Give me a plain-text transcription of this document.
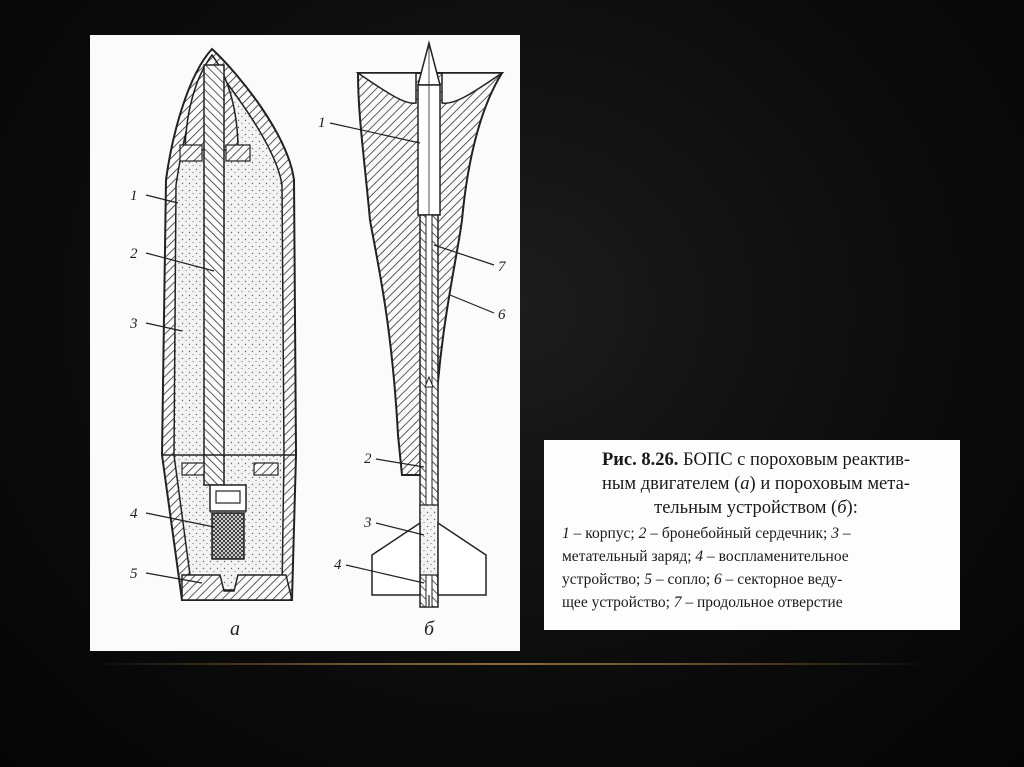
1
2
3
4
5
1
2
3
4
7
6
а	б
Рис. 8.26. БОПС с пороховым реактив-
ным двигателем (а) и пороховым мета-
тельным устройством (б):
1 – корпус; 2 – бронебойный сердечник; 3 –
метательный заряд; 4 – воспламенительное
устройство; 5 – сопло; 6 – секторное веду-
щее устройство; 7 – продольное отверстие
